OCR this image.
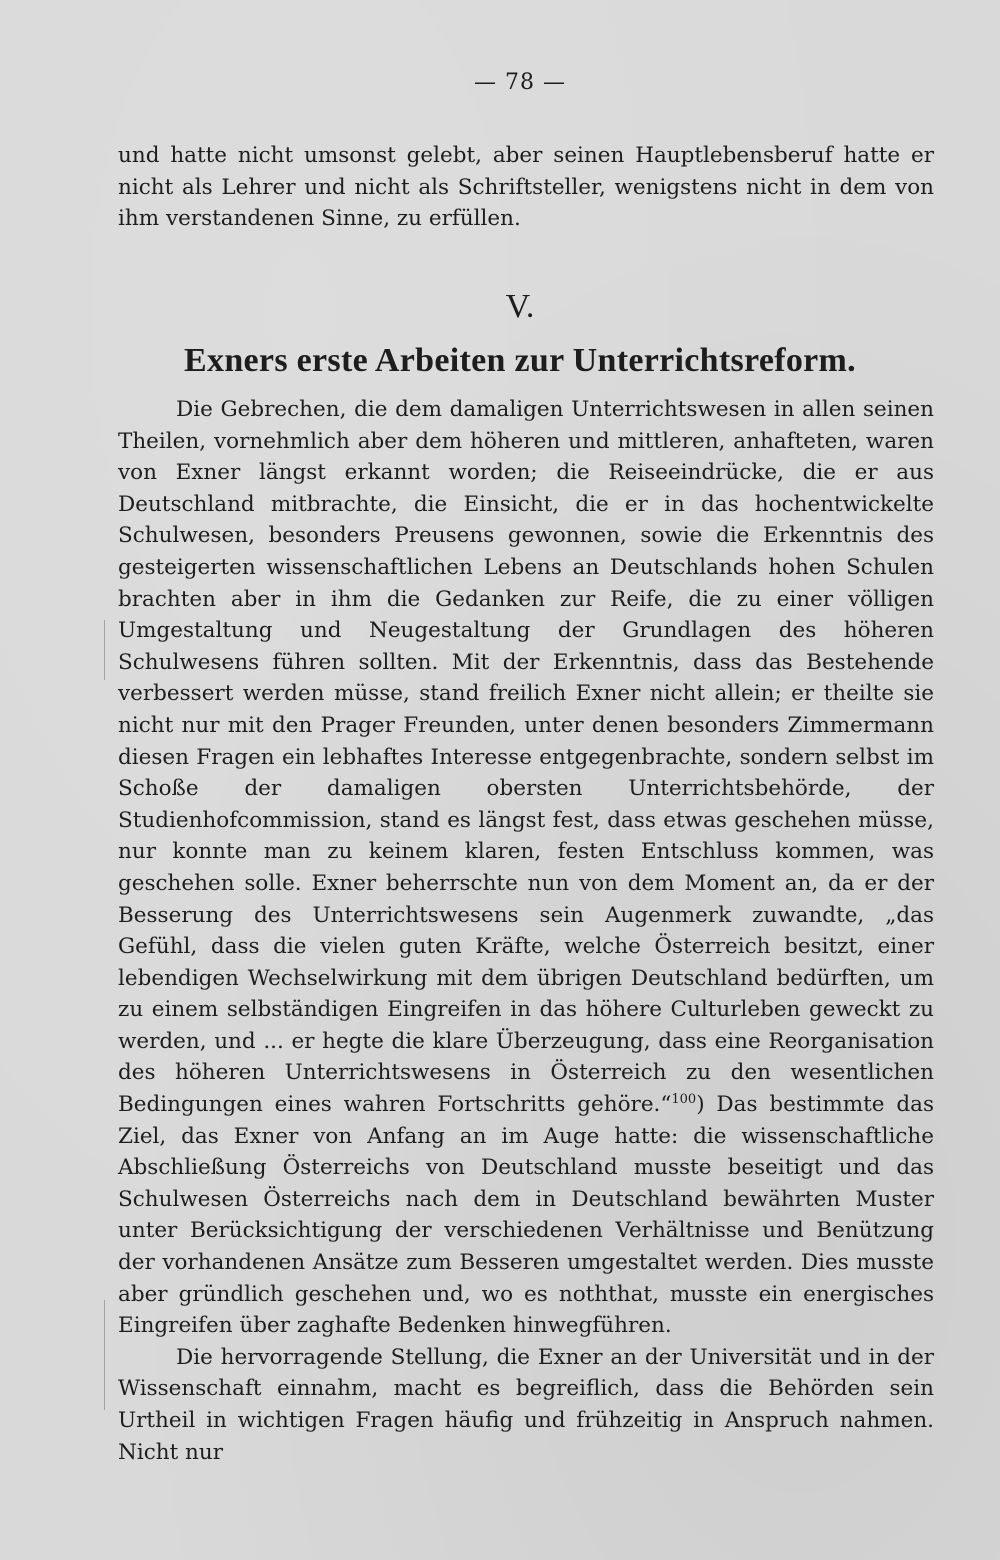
— 78 —

und hatte nicht umsonst gelebt, aber seinen Hauptlebensberuf hatte er nicht als Lehrer und nicht als Schriftsteller, wenigstens nicht in dem von ihm verstandenen Sinne, zu erfüllen.

V.
Exners erste Arbeiten zur Unterrichtsreform.

Die Gebrechen, die dem damaligen Unterrichtswesen in allen seinen Theilen, vornehmlich aber dem höheren und mittleren, anhafteten, waren von Exner längst erkannt worden; die Reiseeindrücke, die er aus Deutschland mitbrachte, die Einsicht, die er in das hochentwickelte Schulwesen, besonders Preusens gewonnen, sowie die Erkenntnis des gesteigerten wissenschaftlichen Lebens an Deutschlands hohen Schulen brachten aber in ihm die Gedanken zur Reife, die zu einer völligen Umgestaltung und Neugestaltung der Grundlagen des höheren Schulwesens führen sollten. Mit der Erkenntnis, dass das Bestehende verbessert werden müsse, stand freilich Exner nicht allein; er theilte sie nicht nur mit den Prager Freunden, unter denen besonders Zimmermann diesen Fragen ein lebhaftes Interesse entgegenbrachte, sondern selbst im Schoße der damaligen obersten Unterrichtsbehörde, der Studienhofcommission, stand es längst fest, dass etwas geschehen müsse, nur konnte man zu keinem klaren, festen Entschluss kommen, was geschehen solle. Exner beherrschte nun von dem Moment an, da er der Besserung des Unterrichtswesens sein Augenmerk zuwandte, „das Gefühl, dass die vielen guten Kräfte, welche Österreich besitzt, einer lebendigen Wechselwirkung mit dem übrigen Deutschland bedürften, um zu einem selbständigen Eingreifen in das höhere Culturleben geweckt zu werden, und ... er hegte die klare Überzeugung, dass eine Reorganisation des höheren Unterrichtswesens in Österreich zu den wesentlichen Bedingungen eines wahren Fortschritts gehöre.“$^{100}$) Das bestimmte das Ziel, das Exner von Anfang an im Auge hatte: die wissenschaftliche Abschließung Österreichs von Deutschland musste beseitigt und das Schulwesen Österreichs nach dem in Deutschland bewährten Muster unter Berücksichtigung der verschiedenen Verhältnisse und Benützung der vorhandenen Ansätze zum Besseren umgestaltet werden. Dies musste aber gründlich geschehen und, wo es noththat, musste ein energisches Eingreifen über zaghafte Bedenken hinwegführen.

Die hervorragende Stellung, die Exner an der Universität und in der Wissenschaft einnahm, macht es begreiflich, dass die Behörden sein Urtheil in wichtigen Fragen häufig und frühzeitig in Anspruch nahmen. Nicht nur
